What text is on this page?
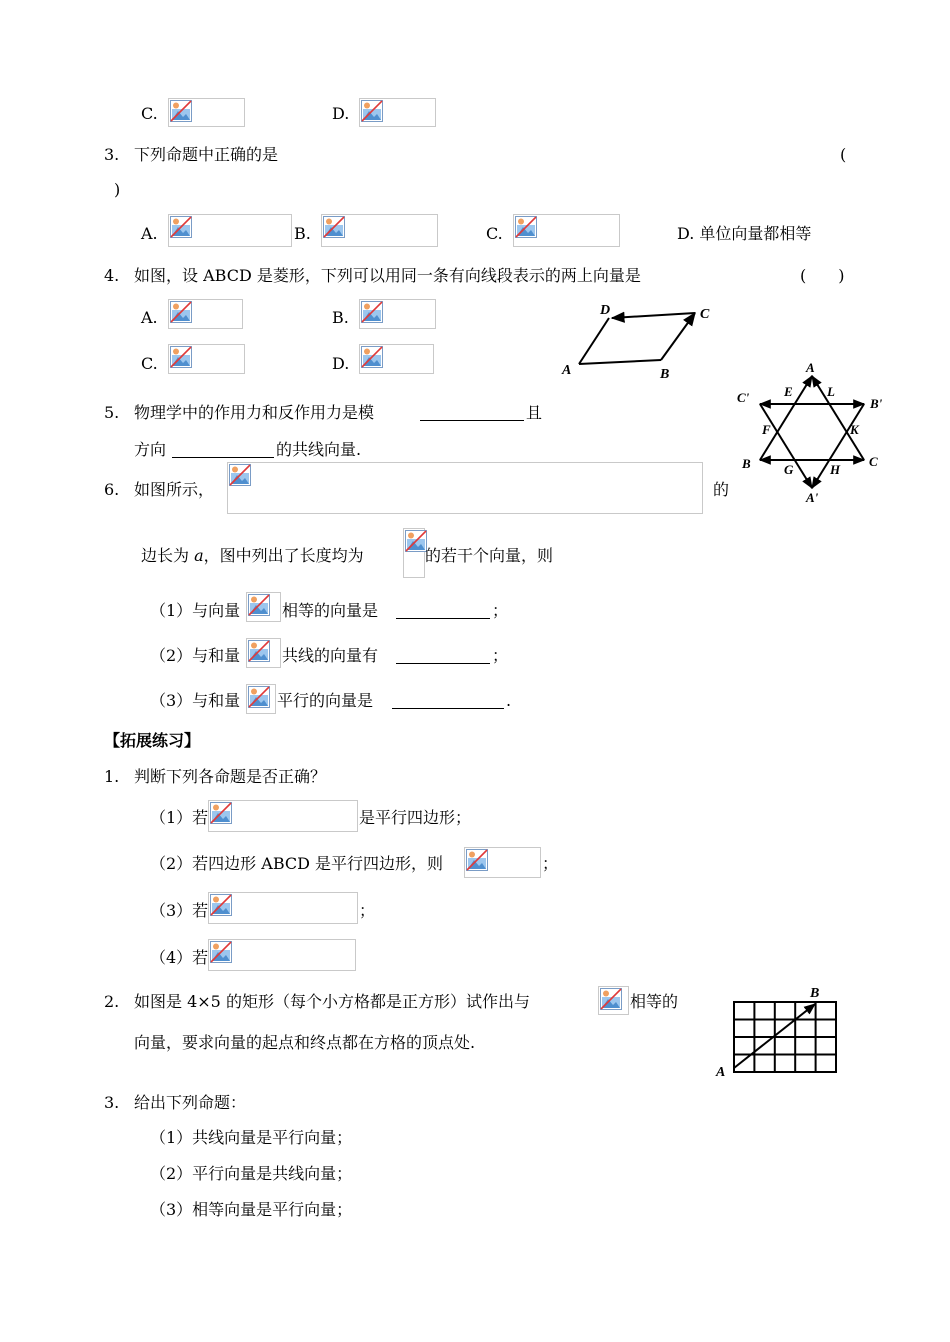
C.	D.
3. 下列命题中正确的是	(
)
A.	B.	C.	D. 单位向量都相等
4. 如图，设 ABCD 是菱形，下列可以用同一条有向线段表示的两上向量是	(　　)
A.	B.
C.	D.	A	B
C
D
5. 物理学中的作用力和反作用力是模	且
方向	的共线向量.
A
B'
C
A'
B
C'	E	L
K
H
G
F
6. 如图所示，	的
边长为 a，图中列出了长度均为	的若干个向量，则
（1）与向量	相等的向量是	；
（2）与和量	共线的向量有	；
（3）与和量 平行的向量是	.
【拓展练习】
1. 判断下列各命题是否正确？
（1）若	是平行四边形；
（2）若四边形 ABCD 是平行四边形，则	；
（3）若	；
（4）若
2. 如图是 4×5 的矩形（每个小方格都是正方形）试作出与	相等的
向量，要求向量的起点和终点都在方格的顶点处.
A
B
3. 给出下列命题：
（1）共线向量是平行向量；
（2）平行向量是共线向量；
（3）相等向量是平行向量；
